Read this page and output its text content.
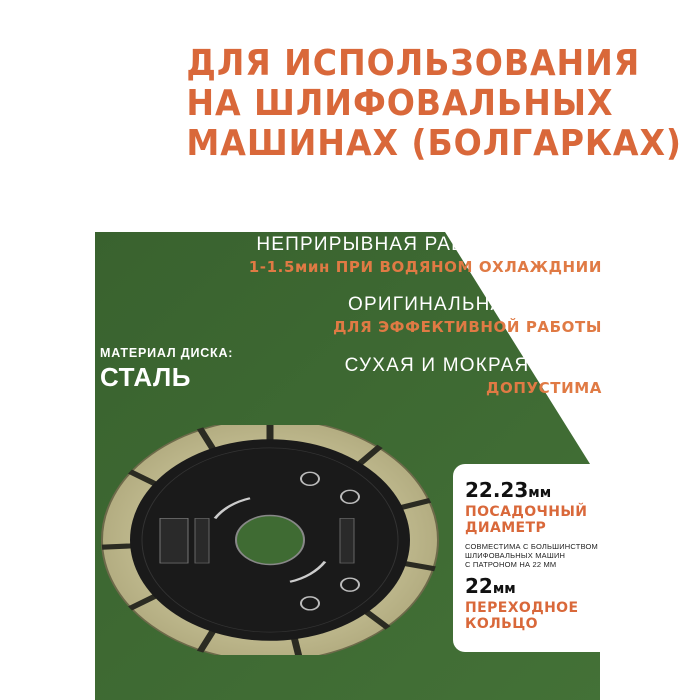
ДЛЯ ИСПОЛЬЗОВАНИЯ
НА ШЛИФОВАЛЬНЫХ
МАШИНАХ (БОЛГАРКАХ)
НЕПРИРЫВНАЯ РАБОТА ДИСКОМ
1-1.5мин ПРИ ВОДЯНОМ ОХЛАЖДНИИ
ОРИГИНАЛЬНАЯ ФОРМА
ДЛЯ ЭФФЕКТИВНОЙ РАБОТЫ
СУХАЯ И МОКРАЯ РЕЗКА
ДОПУСТИМА
МАТЕРИАЛ ДИСКА:
СТАЛЬ
22.23мм
ПОСАДОЧНЫЙ
ДИАМЕТР
СОВМЕСТИМА С БОЛЬШИНСТВОМ
ШЛИФОВАЛЬНЫХ МАШИН
С ПАТРОНОМ НА 22 ММ
22мм
ПЕРЕХОДНОЕ
КОЛЬЦО
